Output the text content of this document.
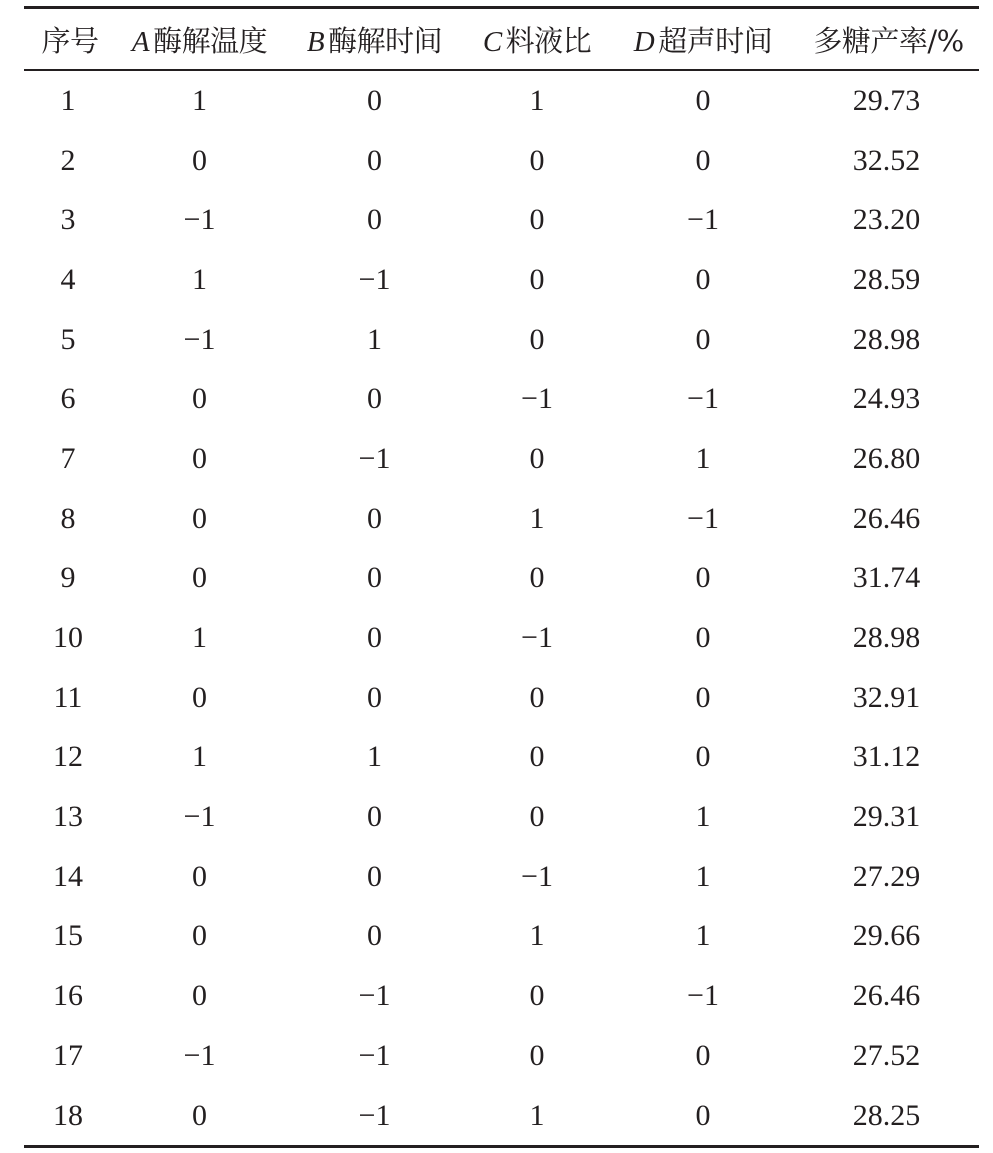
序号	A 酶解温度	B 酶解时间	C 料液比	D 超声时间	多糖产率/%
1	1	0	1	0	29.73
2	0	0	0	0	32.52
3	−1	0	0	−1	23.20
4	1	−1	0	0	28.59
5	−1	1	0	0	28.98
6	0	0	−1	−1	24.93
7	0	−1	0	1	26.80
8	0	0	1	−1	26.46
9	0	0	0	0	31.74
10	1	0	−1	0	28.98
11	0	0	0	0	32.91
12	1	1	0	0	31.12
13	−1	0	0	1	29.31
14	0	0	−1	1	27.29
15	0	0	1	1	29.66
16	0	−1	0	−1	26.46
17	−1	−1	0	0	27.52
18	0	−1	1	0	28.25
